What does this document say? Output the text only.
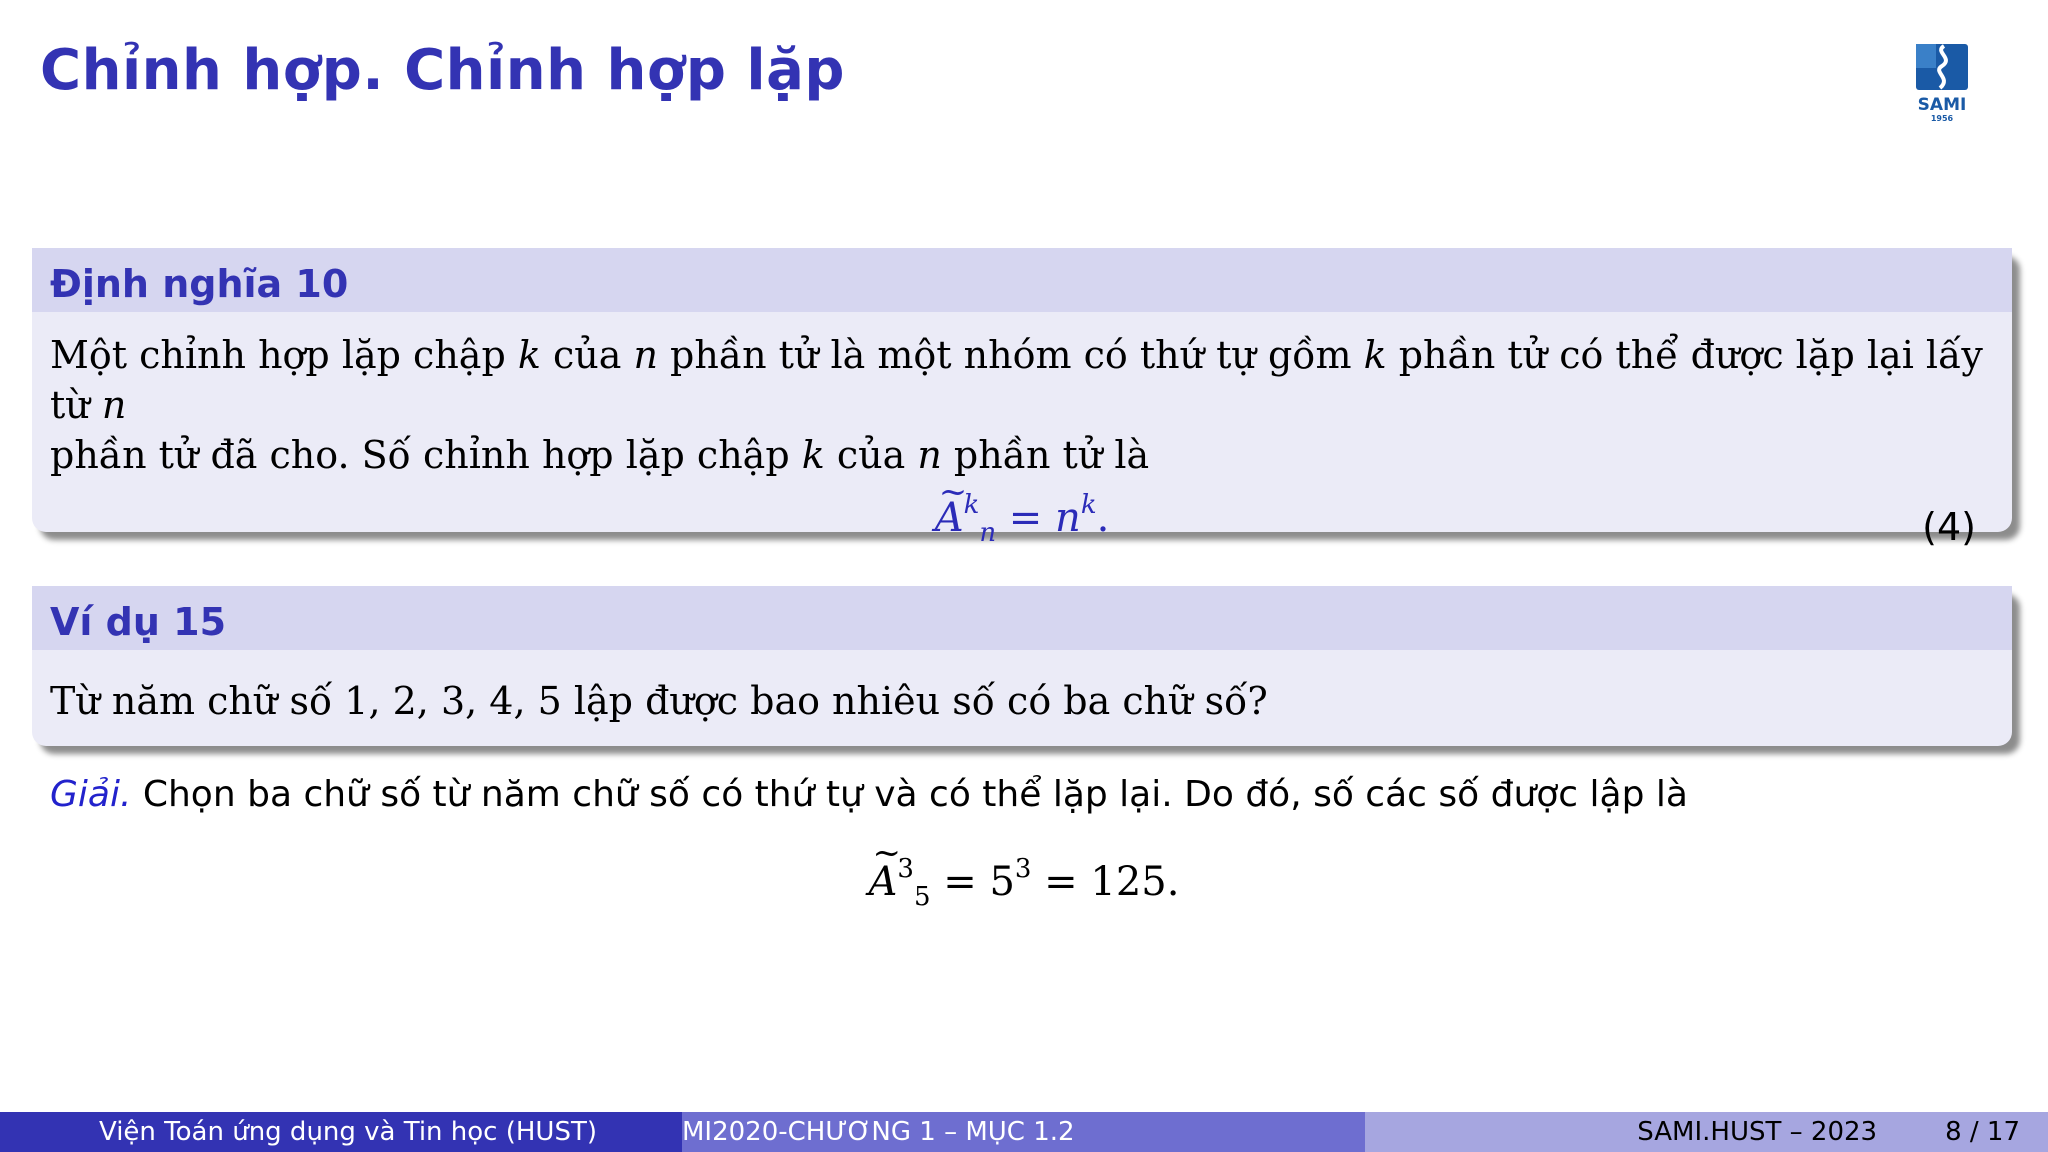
Chỉnh hợp. Chỉnh hợp lặp
SAMI
1956
Định nghĩa 10
Một chỉnh hợp lặp chập k của n phần tử là một nhóm có thứ tự gồm k phần tử có thể được lặp lại lấy từ n
phần tử đã cho. Số chỉnh hợp lặp chập k của n phần tử là
~ $A^k_n = n^k$.	(4)
Ví dụ 15
Từ năm chữ số 1, 2, 3, 4, 5 lập được bao nhiêu số có ba chữ số?
Giải. Chọn ba chữ số từ năm chữ số có thứ tự và có thể lặp lại. Do đó, số các số được lập là
~ $A^3_5 = 5^3 = 125$.
Viện Toán ứng dụng và Tin học (HUST)	MI2020-CHƯƠNG 1 – MỤC 1.2	SAMI.HUST – 2023	8 / 17
